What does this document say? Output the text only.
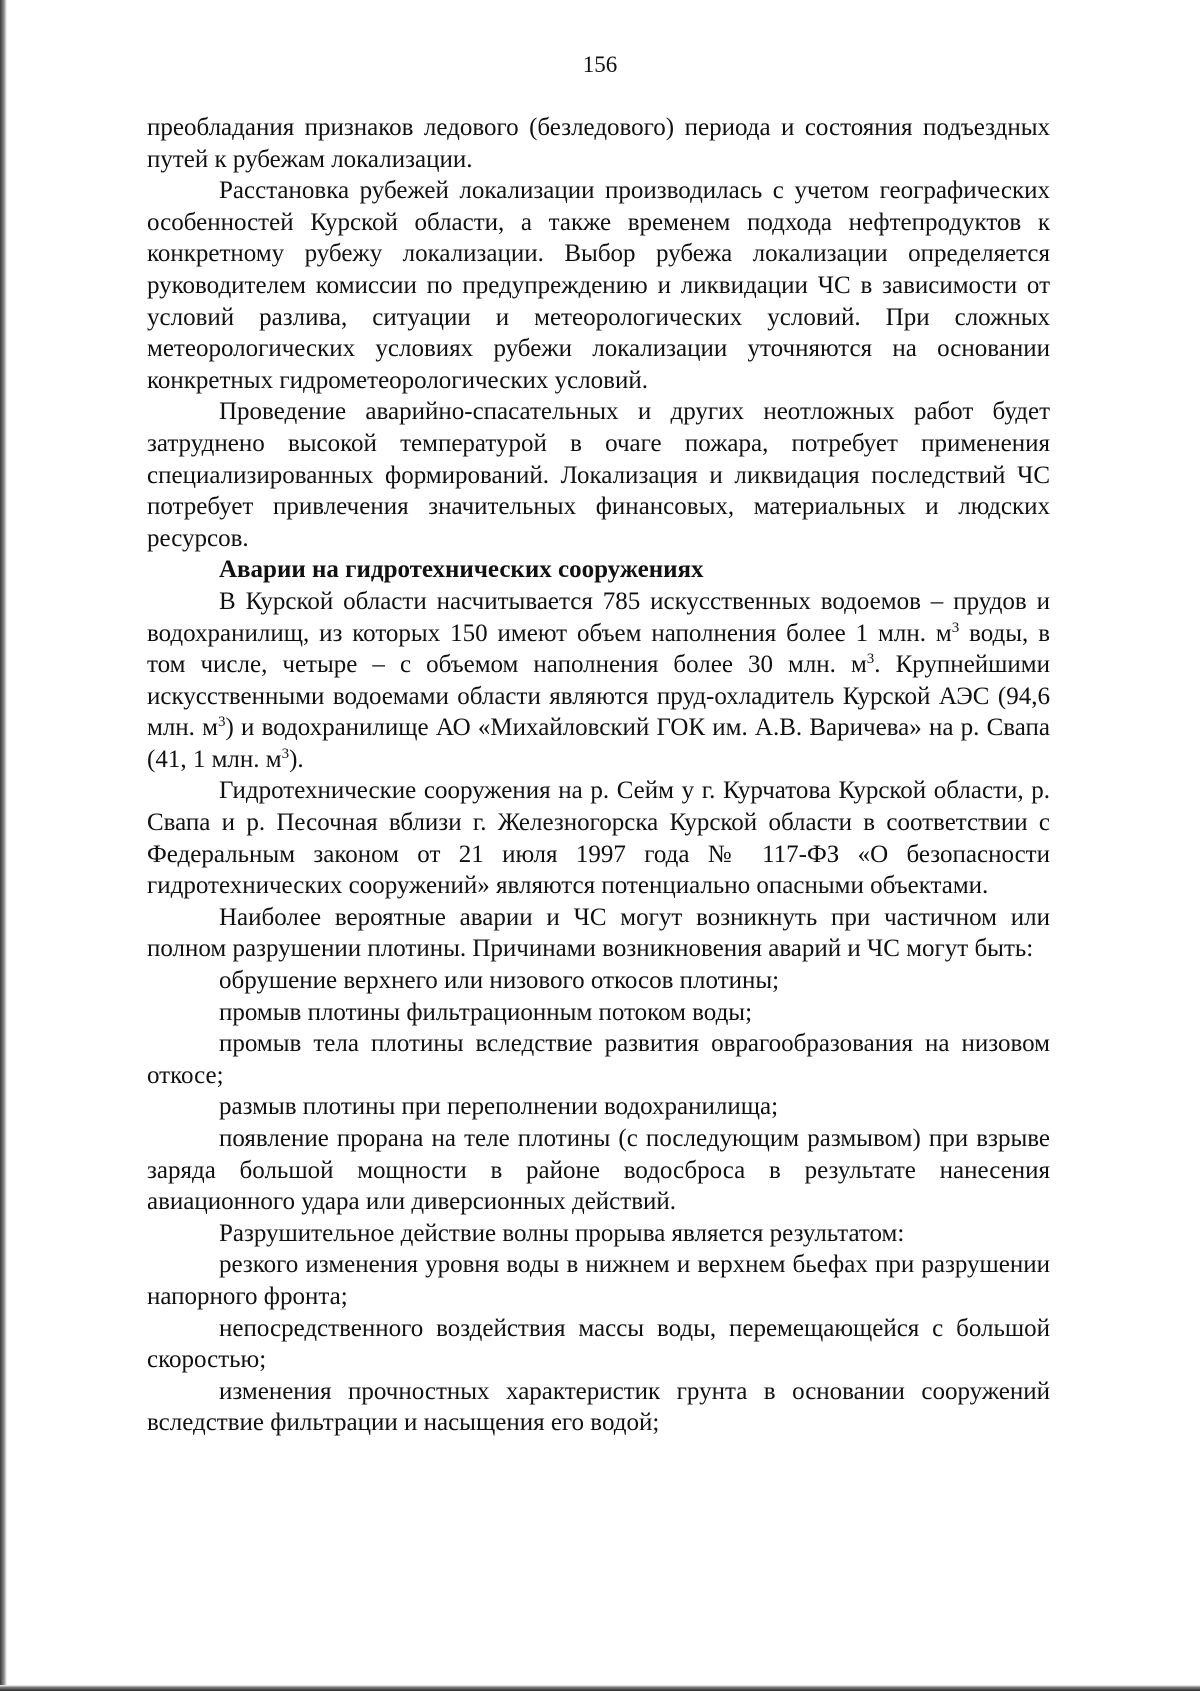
156

преобладания признаков ледового (безледового) периода и состояния подъездных путей к рубежам локализации.

Расстановка рубежей локализации производилась с учетом географических особенностей Курской области, а также временем подхода нефтепродуктов к конкретному рубежу локализации. Выбор рубежа локализации определяется руководителем комиссии по предупреждению и ликвидации ЧС в зависимости от условий разлива, ситуации и метеорологических условий. При сложных метеорологических условиях рубежи локализации уточняются на основании конкретных гидрометеорологических условий.

Проведение аварийно-спасательных и других неотложных работ будет затруднено высокой температурой в очаге пожара, потребует применения специализированных формирований. Локализация и ликвидация последствий ЧС потребует привлечения значительных финансовых, материальных и людских ресурсов.

Аварии на гидротехнических сооружениях

В Курской области насчитывается 785 искусственных водоемов – прудов и водохранилищ, из которых 150 имеют объем наполнения более 1 млн. $м^3$ воды, в том числе, четыре – с объемом наполнения более 30 млн. $м^3$. Крупнейшими искусственными водоемами области являются пруд-охладитель Курской АЭС (94,6 млн. $м^3$) и водохранилище АО «Михайловский ГОК им. А.В. Варичева» на р. Свапа (41, 1 млн. $м^3$).

Гидротехнические сооружения на р. Сейм у г. Курчатова Курской области, р. Свапа и р. Песочная вблизи г. Железногорска Курской области в соответствии с Федеральным законом от 21 июля 1997 года № 117-ФЗ «О безопасности гидротехнических сооружений» являются потенциально опасными объектами.

Наиболее вероятные аварии и ЧС могут возникнуть при частичном или полном разрушении плотины. Причинами возникновения аварий и ЧС могут быть:

обрушение верхнего или низового откосов плотины;

промыв плотины фильтрационным потоком воды;

промыв тела плотины вследствие развития оврагообразования на низовом откосе;

размыв плотины при переполнении водохранилища;

появление прорана на теле плотины (с последующим размывом) при взрыве заряда большой мощности в районе водосброса в результате нанесения авиационного удара или диверсионных действий.

Разрушительное действие волны прорыва является результатом:

резкого изменения уровня воды в нижнем и верхнем бьефах при разрушении напорного фронта;

непосредственного воздействия массы воды, перемещающейся с большой скоростью;

изменения прочностных характеристик грунта в основании сооружений вследствие фильтрации и насыщения его водой;
